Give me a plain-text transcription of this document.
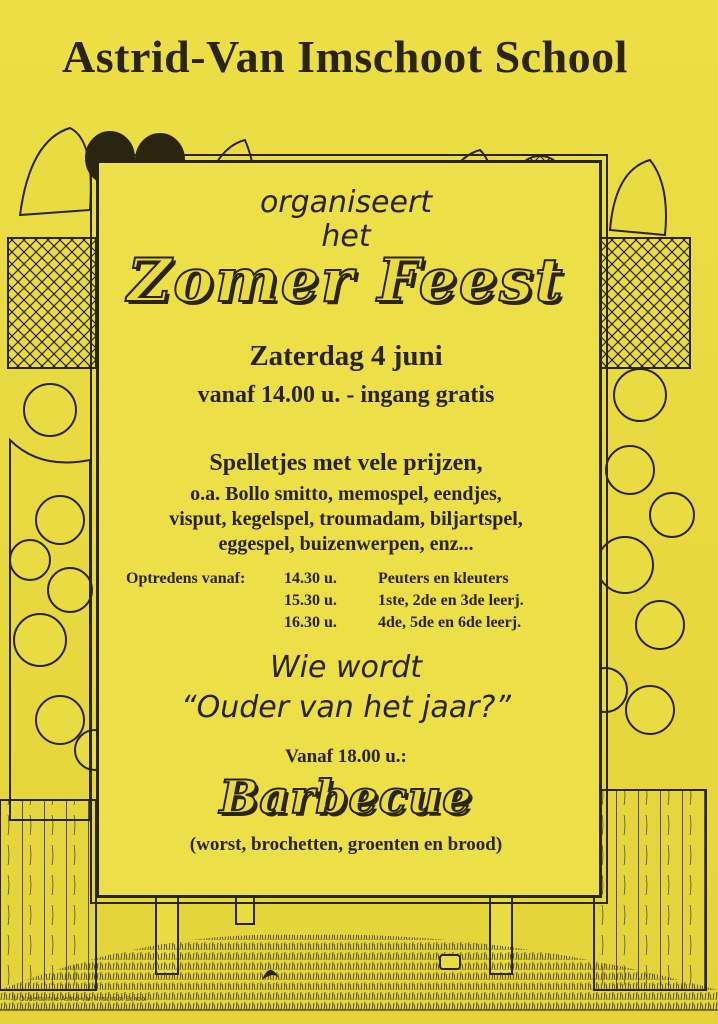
Astrid-Van Imschoot School
organiseert
het
Zomer Feest
Zaterdag 4 juni
vanaf 14.00 u. - ingang gratis
Spelletjes met vele prijzen,
o.a. Bollo smitto, memospel, eendjes,
visput, kegelspel, troumadam, biljartspel,
eggespel, buizenwerpen, enz...
Optredens vanaf: 14.30 u.	Peuters en kleuters
15.30 u.	1ste, 2de en 3de leerj.
16.30 u.	4de, 5de en 6de leerj.
Wie wordt
“Ouder van het jaar?”
Vanaf 18.00 u.:
Barbecue
(worst, brochetten, groenten en brood)
© Oudercomité Astrid-Van Imschoot School
